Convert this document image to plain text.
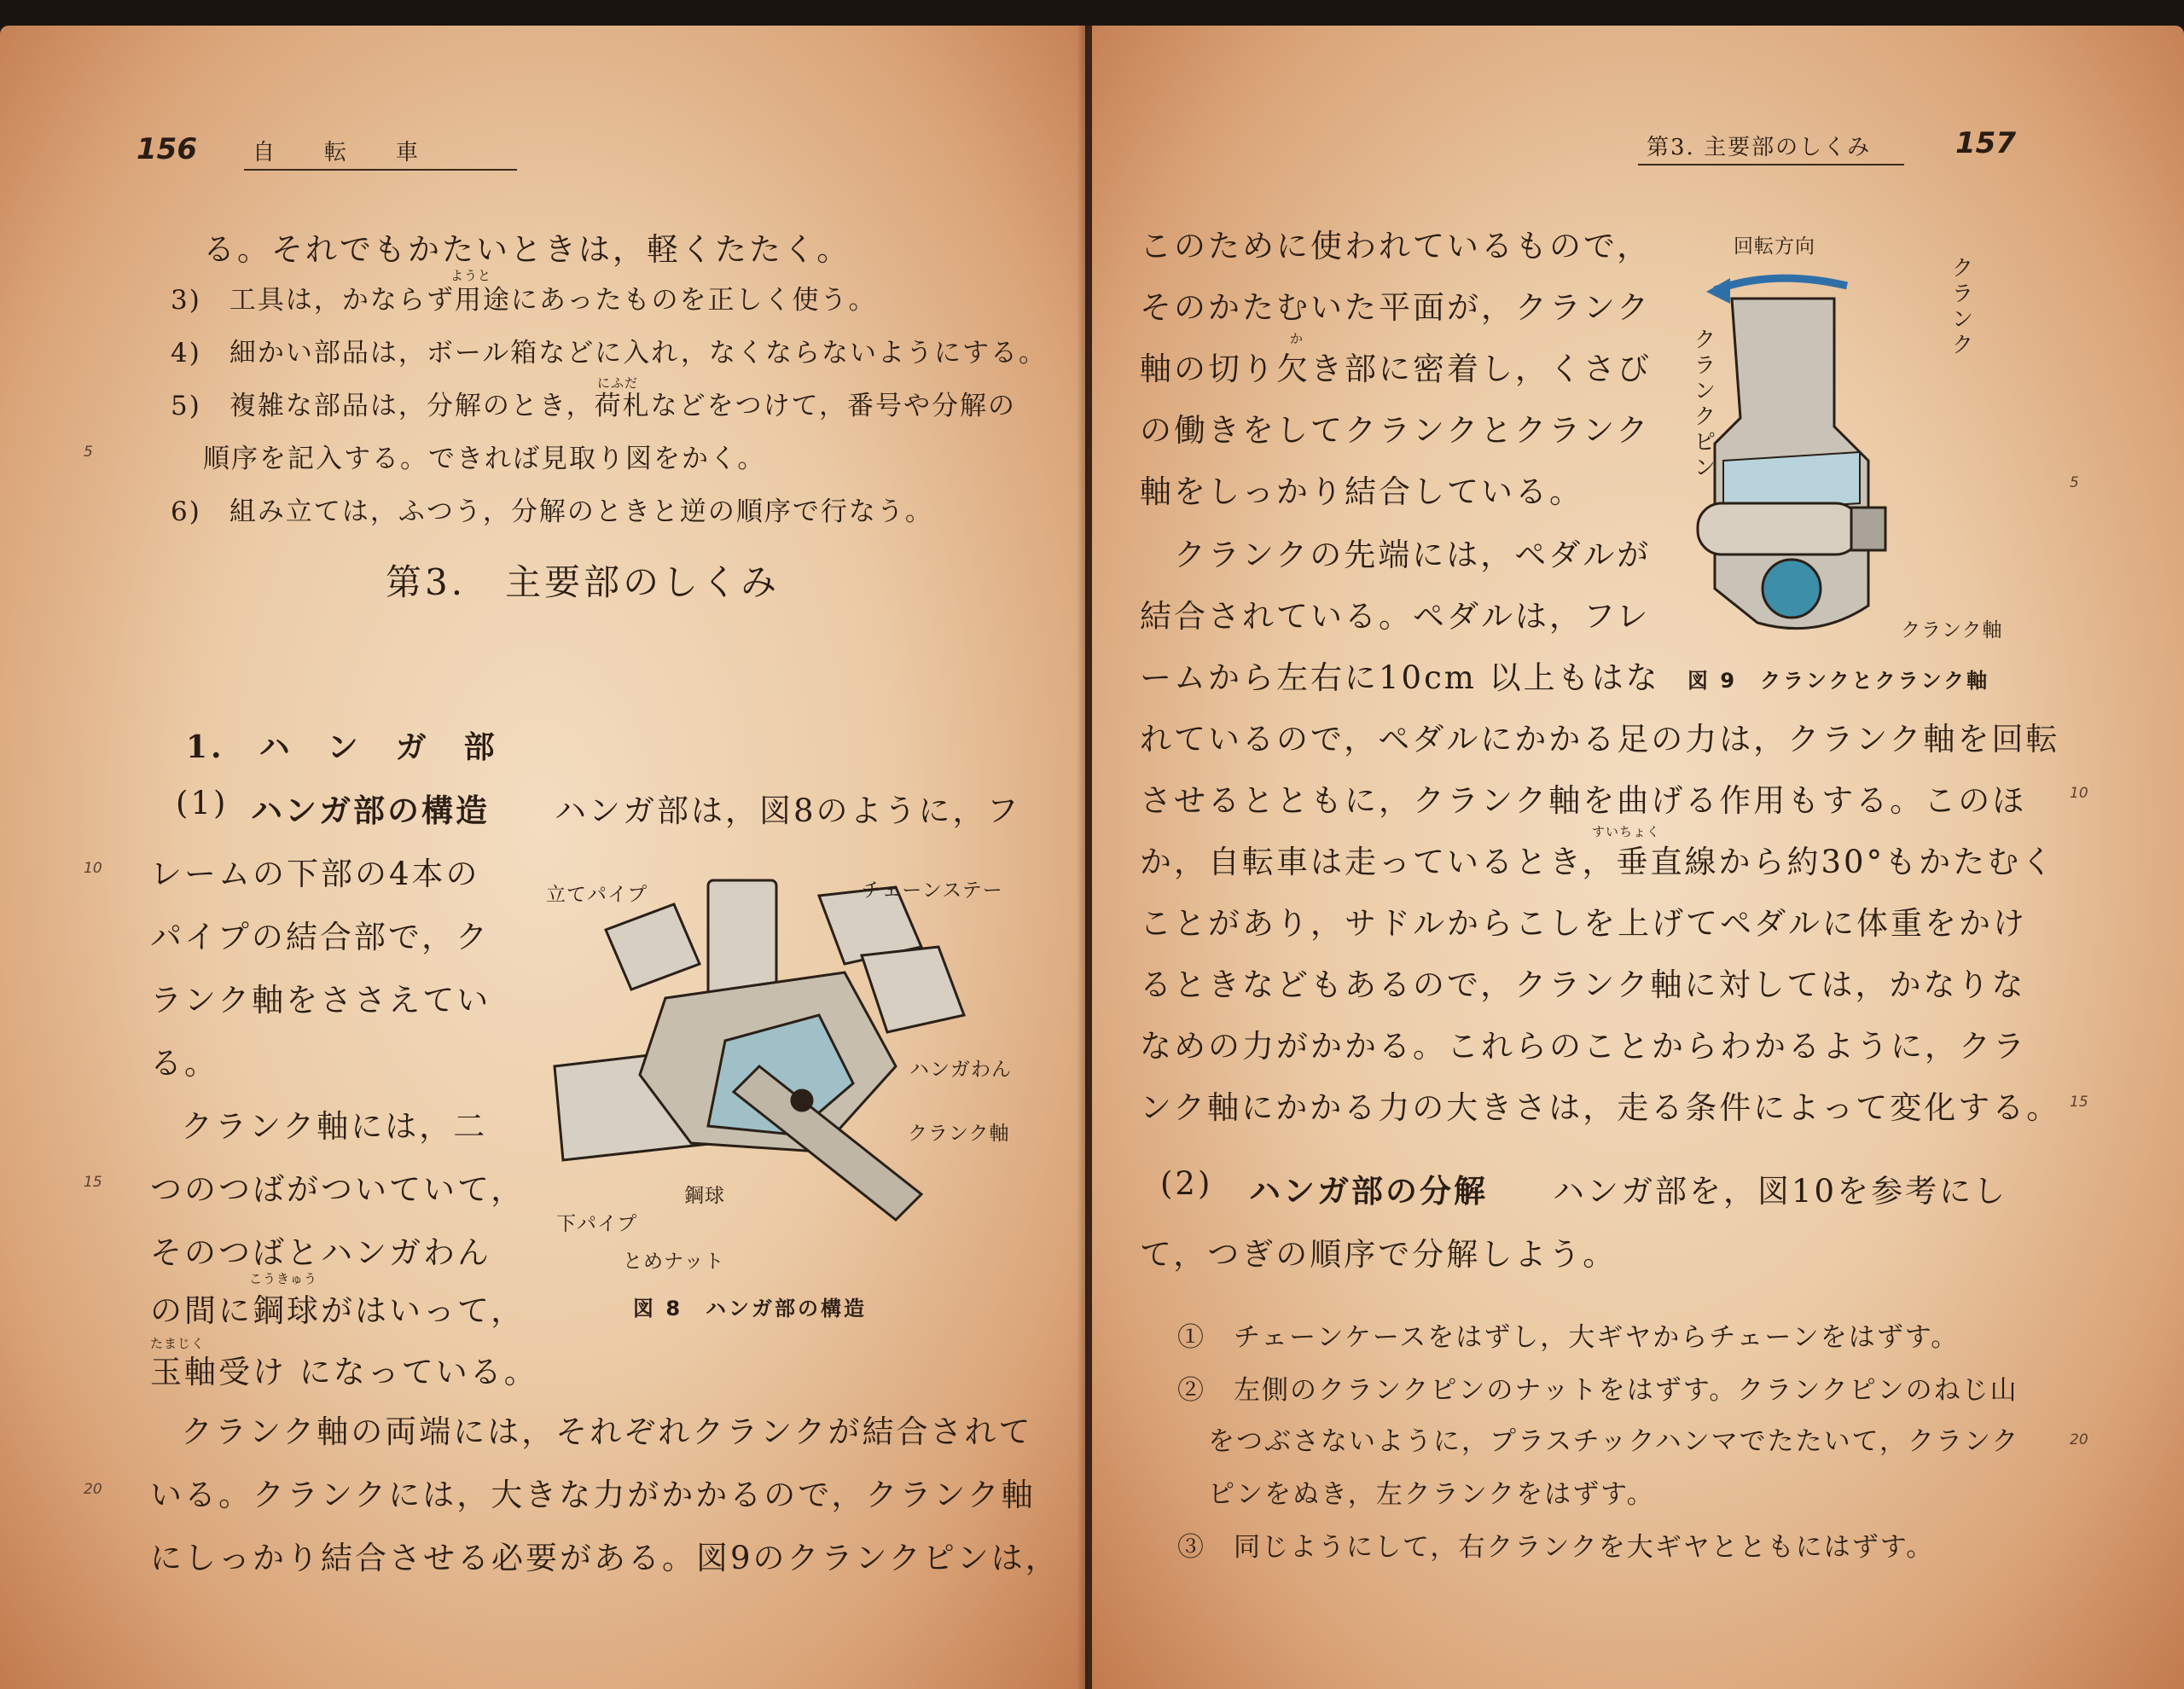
156	自　　転　　車
る。それでもかたいときは，軽くたたく。
ようと
3)　工具は，かならず用途にあったものを正しく使う。
4)　細かい部品は，ボール箱などに入れ，なくならないようにする。
にふだ
5)　複雑な部品は，分解のとき，荷札などをつけて，番号や分解の
順序を記入する。できれば見取り図をかく。
6)　組み立ては，ふつう，分解のときと逆の順序で行なう。
第3.　主要部のしくみ
1.　ハ　ン　ガ　部
(1) ハンガ部の構造 ハンガ部は，図8のように，フ
レームの下部の4本の
パイプの結合部で，ク
ランク軸をささえてい
る。
クランク軸には，二
つのつばがついていて，
そのつばとハンガわん
こうきゅう
の間に鋼球がはいって，
たまじく
玉軸受け になっている。
立てパイプ	チェーンステー
ハンガわん
クランク軸
鋼球
下パイプ
とめナット
図 8　ハンガ部の構造
クランク軸の両端には，それぞれクランクが結合されて
いる。クランクには，大きな力がかかるので，クランク軸
にしっかり結合させる必要がある。図9のクランクピンは，
5
10
15
20
第3. 主要部のしくみ	157
このために使われているもので，
そのかたむいた平面が，クランク
か
軸の切り欠き部に密着し，くさび
の働きをしてクランクとクランク
軸をしっかり結合している。
　クランクの先端には，ペダルが
結合されている。ペダルは，フレ
ームから左右に10cm 以上もはな
回転方向
クランク
クランクピン
クランク軸
図 9　クランクとクランク軸
れているので，ペダルにかかる足の力は，クランク軸を回転
させるとともに，クランク軸を曲げる作用もする。このほ
すいちょく
か，自転車は走っているとき，垂直線から約30°もかたむく
ことがあり，サドルからこしを上げてペダルに体重をかけ
るときなどもあるので，クランク軸に対しては，かなりな
なめの力がかかる。これらのことからわかるように，クラ
ンク軸にかかる力の大きさは，走る条件によって変化する。
(2) ハンガ部の分解 ハンガ部を，図10を参考にし
て，つぎの順序で分解しよう。
①　チェーンケースをはずし，大ギヤからチェーンをはずす。
②　左側のクランクピンのナットをはずす。クランクピンのねじ山
をつぶさないように，プラスチックハンマでたたいて，クランク
ピンをぬき，左クランクをはずす。
③　同じようにして，右クランクを大ギヤとともにはずす。
5
10
15
20
